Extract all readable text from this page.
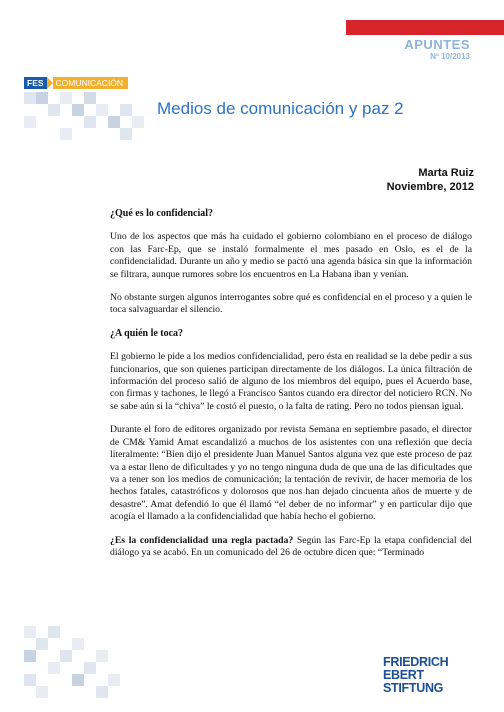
APUNTES
Nº 10/2013
FES	COMUNICACIÓN
Medios de comunicación y paz 2
Marta Ruiz
Noviembre, 2012
¿Qué es lo confidencial?

Uno de los aspectos que más ha cuidado el gobierno colombiano en el proceso de diálogo con las Farc-Ep, que se instaló formalmente el mes pasado en Oslo, es el de la confidencialidad. Durante un año y medio se pactó una agenda básica sin que la información se filtrara, aunque rumores sobre los encuentros en La Habana iban y venían.

No obstante surgen algunos interrogantes sobre qué es confidencial en el proceso y a quien le toca salvaguardar el silencio.

¿A quién le toca?

El gobierno le pide a los medios confidencialidad, pero ésta en realidad se la debe pedir a sus funcionarios, que son quienes participan directamente de los diálogos. La única filtración de información del proceso salió de alguno de los miembros del equipo, pues el Acuerdo base, con firmas y tachones, le llegó a Francisco Santos cuando era director del noticiero RCN. No se sabe aún si la “chiva” le costó el puesto, o la falta de rating. Pero no todos piensan igual.

Durante el foro de editores organizado por revista Semana en septiembre pasado, el director de CM& Yamid Amat escandalizó a muchos de los asistentes con una reflexión que decía literalmente: “Bien dijo el presidente Juan Manuel Santos alguna vez que este proceso de paz va a estar lleno de dificultades y yo no tengo ninguna duda de que una de las dificultades que va a tener son los medios de comunicación; la tentación de revivir, de hacer memoria de los hechos fatales, catastróficos y dolorosos que nos han dejado cincuenta años de muerte y de desastre”. Amat defendió lo que él llamó “el deber de no informar” y en particular dijo que acogía el llamado a la confidencialidad que había hecho el gobierno.

¿Es la confidencialidad una regla pactada? Según las Farc-Ep la etapa confidencial del diálogo ya se acabó. En un comunicado del 26 de octubre dicen que: “Terminado

FRIEDRICH
EBERT
STIFTUNG
